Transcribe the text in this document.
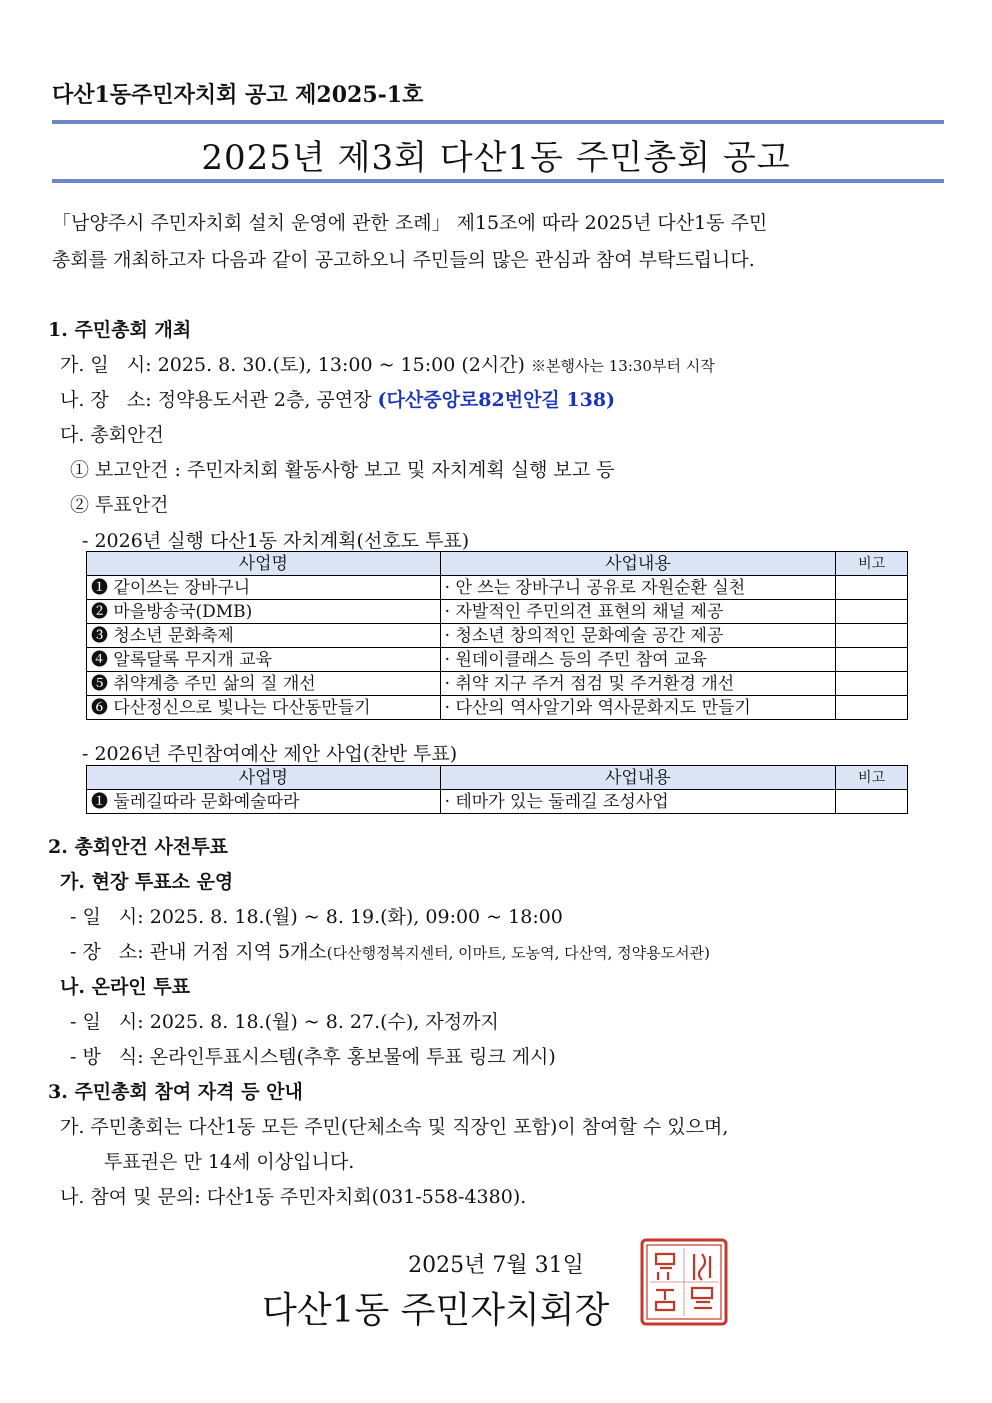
다산1동주민자치회 공고 제2025-1호
2025년 제3회 다산1동 주민총회 공고
「남양주시 주민자치회 설치 운영에 관한 조례」 제15조에 따라 2025년 다산1동 주민
총회를 개최하고자 다음과 같이 공고하오니 주민들의 많은 관심과 참여 부탁드립니다.
1. 주민총회 개최
가. 일   시: 2025. 8. 30.(토), 13:00 ~ 15:00 (2시간) ※본행사는 13:30부터 시작
나. 장   소: 정약용도서관 2층, 공연장 (다산중앙로82번안길 138)
다. 총회안건
① 보고안건 : 주민자치회 활동사항 보고 및 자치계획 실행 보고 등
② 투표안건
- 2026년 실행 다산1동 자치계획(선호도 투표)
사업명	사업내용	비고
❶ 같이쓰는 장바구니	· 안 쓰는 장바구니 공유로 자원순환 실천	
❷ 마을방송국(DMB)	· 자발적인 주민의견 표현의 채널 제공	
❸ 청소년 문화축제	· 청소년 창의적인 문화예술 공간 제공	
❹ 알록달록 무지개 교육	· 원데이클래스 등의 주민 참여 교육	
❺ 취약계층 주민 삶의 질 개선	· 취약 지구 주거 점검 및 주거환경 개선	
❻ 다산정신으로 빛나는 다산동만들기	· 다산의 역사알기와 역사문화지도 만들기	
- 2026년 주민참여예산 제안 사업(찬반 투표)
사업명	사업내용	비고
❶ 둘레길따라 문화예술따라	· 테마가 있는 둘레길 조성사업	
2. 총회안건 사전투표
가. 현장 투표소 운영
- 일   시: 2025. 8. 18.(월) ~ 8. 19.(화), 09:00 ~ 18:00
- 장   소: 관내 거점 지역 5개소(다산행정복지센터, 이마트, 도농역, 다산역, 정약용도서관)
나. 온라인 투표
- 일   시: 2025. 8. 18.(월) ~ 8. 27.(수), 자정까지
- 방   식: 온라인투표시스템(추후 홍보물에 투표 링크 게시)
3. 주민총회 참여 자격 등 안내
가. 주민총회는 다산1동 모든 주민(단체소속 및 직장인 포함)이 참여할 수 있으며,
투표권은 만 14세 이상입니다.
나. 참여 및 문의: 다산1동 주민자치회(031-558-4380).
2025년 7월 31일
다산1동 주민자치회장
